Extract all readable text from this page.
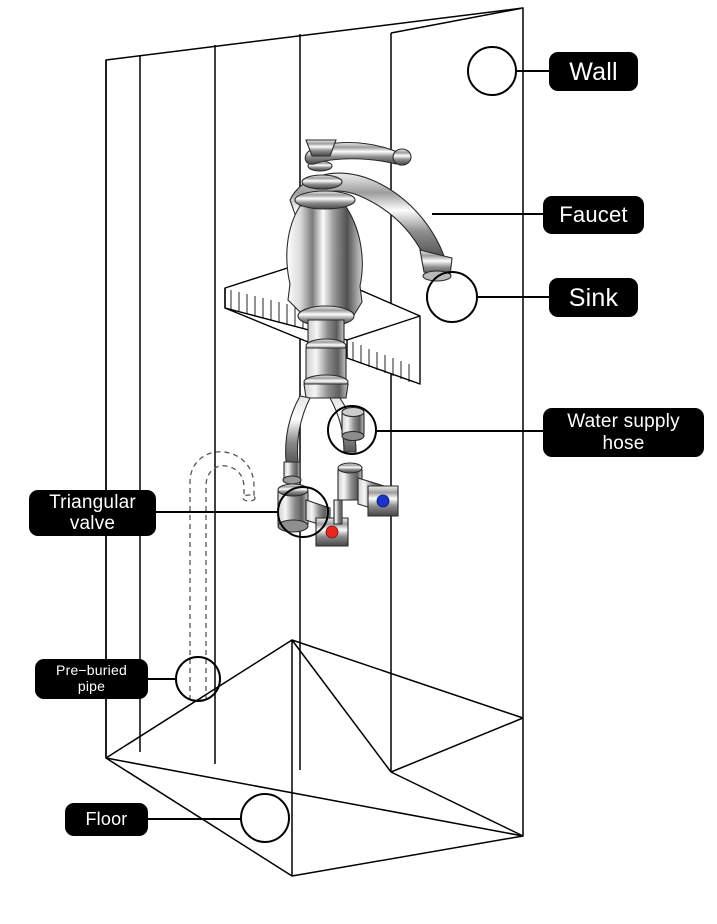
Wall
Faucet
Sink
Water supply
hose
Triangular
valve
Pre−buried
pipe
Floor
